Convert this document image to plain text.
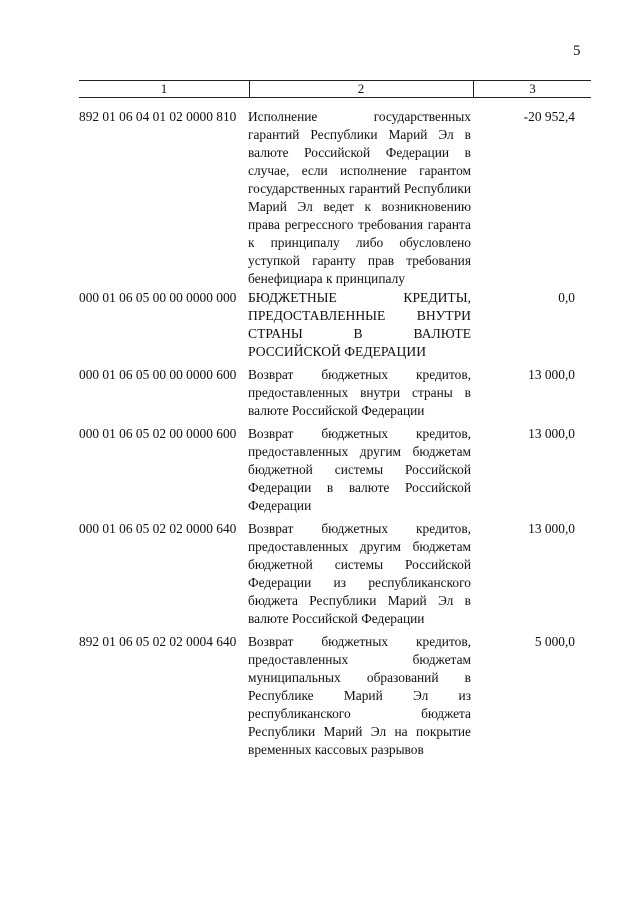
5
1	2	3
892 01 06 04 01 02 0000 810 Исполнение государственных гарантий Республики Марий Эл в валюте Российской Федерации в случае, если исполнение гарантом государственных гарантий Республики Марий Эл ведет к возникновению права регрессного требования гаранта к принципалу либо обусловлено уступкой гаранту прав требования бенефициара к принципалу
-20 952,4
000 01 06 05 00 00 0000 000 БЮДЖЕТНЫЕ КРЕДИТЫ, ПРЕДОСТАВЛЕННЫЕ ВНУТРИ СТРАНЫ В ВАЛЮТЕ РОССИЙСКОЙ ФЕДЕРАЦИИ
0,0
000 01 06 05 00 00 0000 600 Возврат бюджетных кредитов, предоставленных внутри страны в валюте Российской Федерации
13 000,0
000 01 06 05 02 00 0000 600 Возврат бюджетных кредитов, предоставленных другим бюджетам бюджетной системы Российской Федерации в валюте Российской Федерации
13 000,0
000 01 06 05 02 02 0000 640 Возврат бюджетных кредитов, предоставленных другим бюджетам бюджетной системы Российской Федерации из республиканского бюджета Республики Марий Эл в валюте Российской Федерации
13 000,0
892 01 06 05 02 02 0004 640 Возврат бюджетных кредитов, предоставленных бюджетам муниципальных образований в Республике Марий Эл из республиканского бюджета Республики Марий Эл на покрытие временных кассовых разрывов
5 000,0
